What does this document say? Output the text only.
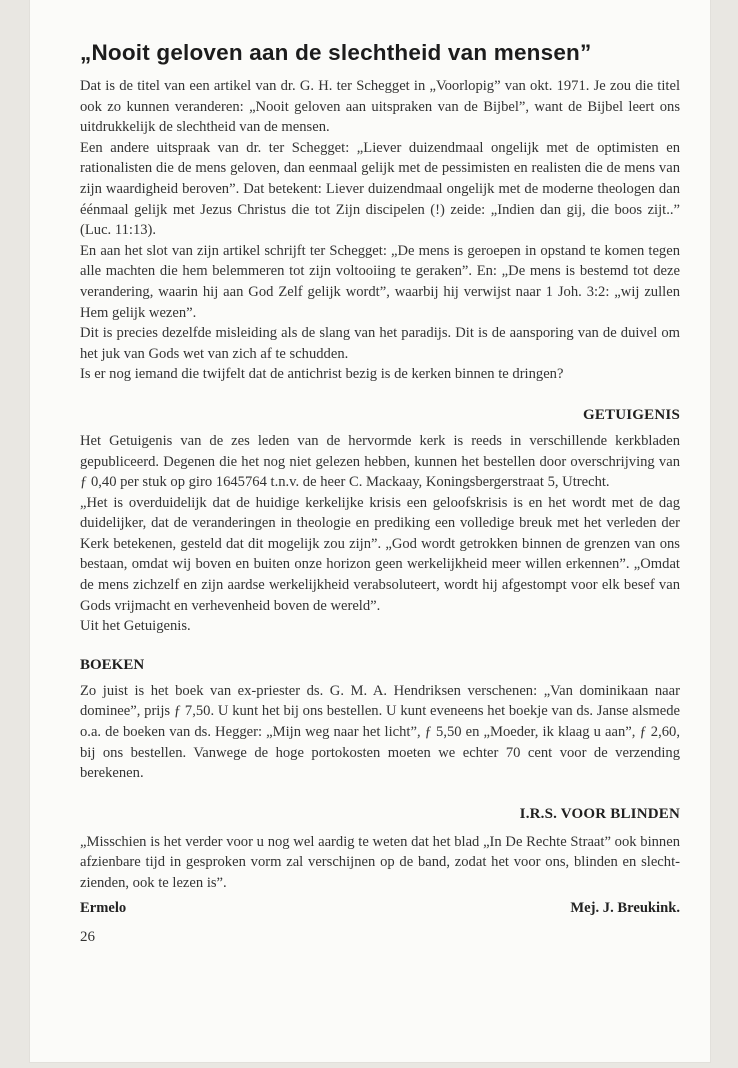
„Nooit geloven aan de slechtheid van mensen”

Dat is de titel van een artikel van dr. G. H. ter Schegget in „Voorlopig” van okt. 1971. Je zou die titel ook zo kunnen veranderen: „Nooit geloven aan uitspraken van de Bijbel”, want de Bijbel leert ons uitdrukkelijk de slechtheid van de mensen.

Een andere uitspraak van dr. ter Schegget: „Liever duizendmaal ongelijk met de optimisten en rationalisten die de mens geloven, dan eenmaal gelijk met de pessimisten en realisten die de mens van zijn waardigheid beroven”. Dat betekent: Liever duizendmaal ongelijk met de moderne theologen dan éénmaal gelijk met Jezus Christus die tot Zijn discipelen (!) zeide: „Indien dan gij, die boos zijt..” (Luc. 11:13).

En aan het slot van zijn artikel schrijft ter Schegget: „De mens is geroepen in opstand te komen tegen alle machten die hem belemmeren tot zijn voltooiing te geraken”. En: „De mens is bestemd tot deze verandering, waarin hij aan God Zelf gelijk wordt”, waarbij hij verwijst naar 1 Joh. 3:2: „wij zullen Hem gelijk wezen”.

Dit is precies dezelfde misleiding als de slang van het paradijs. Dit is de aansporing van de duivel om het juk van Gods wet van zich af te schudden.

Is er nog iemand die twijfelt dat de antichrist bezig is de kerken binnen te dringen?

GETUIGENIS

Het Getuigenis van de zes leden van de hervormde kerk is reeds in verschillende kerkbladen gepubliceerd. Degenen die het nog niet gelezen hebben, kunnen het bestellen door overschrijving van ƒ 0,40 per stuk op giro 1645764 t.n.v. de heer C. Mackaay, Koningsbergerstraat 5, Utrecht.

„Het is overduidelijk dat de huidige kerkelijke krisis een geloofskrisis is en het wordt met de dag duidelijker, dat de veranderingen in theologie en prediking een volledige breuk met het verleden der Kerk betekenen, gesteld dat dit mogelijk zou zijn”. „God wordt getrokken binnen de grenzen van ons bestaan, omdat wij boven en buiten onze horizon geen werkelijkheid meer willen erkennen”. „Omdat de mens zichzelf en zijn aardse werkelijkheid verabsoluteert, wordt hij afgestompt voor elk besef van Gods vrijmacht en verhevenheid boven de wereld”.

Uit het Getuigenis.

BOEKEN

Zo juist is het boek van ex-priester ds. G. M. A. Hendriksen verschenen: „Van dominikaan naar dominee”, prijs ƒ 7,50. U kunt het bij ons bestellen. U kunt eveneens het boekje van ds. Janse alsmede o.a. de boeken van ds. Hegger: „Mijn weg naar het licht”, ƒ 5,50 en „Moeder, ik klaag u aan”, ƒ 2,60, bij ons bestellen. Vanwege de hoge portokosten moeten we echter 70 cent voor de verzending berekenen.

I.R.S. VOOR BLINDEN

„Misschien is het verder voor u nog wel aardig te weten dat het blad „In De Rechte Straat” ook binnen afzienbare tijd in gesproken vorm zal verschijnen op de band, zodat het voor ons, blinden en slecht-zienden, ook te lezen is”.

Ermelo	Mej. J. Breukink.
26
